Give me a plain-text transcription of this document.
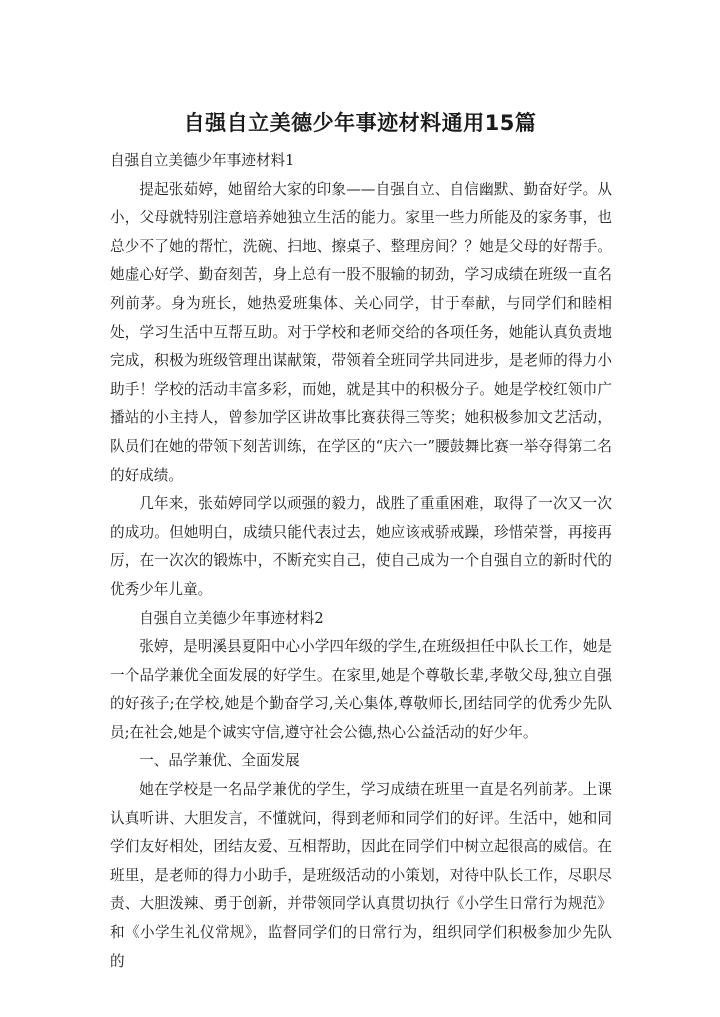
自强自立美德少年事迹材料通用15篇

自强自立美德少年事迹材料1

提起张茹婷，她留给大家的印象——自强自立、自信幽默、勤奋好学。从小，父母就特别注意培养她独立生活的能力。家里一些力所能及的家务事，也总少不了她的帮忙，洗碗、扫地、擦桌子、整理房间？？她是父母的好帮手。她虚心好学、勤奋刻苦，身上总有一股不服输的韧劲，学习成绩在班级一直名列前茅。身为班长，她热爱班集体、关心同学，甘于奉献，与同学们和睦相处，学习生活中互帮互助。对于学校和老师交给的各项任务，她能认真负责地完成，积极为班级管理出谋献策，带领着全班同学共同进步，是老师的得力小助手！学校的活动丰富多彩，而她，就是其中的积极分子。她是学校红领巾广播站的小主持人，曾参加学区讲故事比赛获得三等奖；她积极参加文艺活动，队员们在她的带领下刻苦训练，在学区的“庆六一”腰鼓舞比赛一举夺得第二名的好成绩。

几年来，张茹婷同学以顽强的毅力，战胜了重重困难，取得了一次又一次的成功。但她明白，成绩只能代表过去，她应该戒骄戒躁，珍惜荣誉，再接再厉，在一次次的锻炼中，不断充实自己，使自己成为一个自强自立的新时代的优秀少年儿童。

自强自立美德少年事迹材料2

张婷，是明溪县夏阳中心小学四年级的学生,在班级担任中队长工作，她是一个品学兼优全面发展的好学生。在家里,她是个尊敬长辈,孝敬父母,独立自强的好孩子;在学校,她是个勤奋学习,关心集体,尊敬师长,团结同学的优秀少先队员;在社会,她是个诚实守信,遵守社会公德,热心公益活动的好少年。

一、品学兼优、全面发展

她在学校是一名品学兼优的学生，学习成绩在班里一直是名列前茅。上课认真听讲、大胆发言，不懂就问，得到老师和同学们的好评。生活中，她和同学们友好相处，团结友爱、互相帮助，因此在同学们中树立起很高的威信。在班里，是老师的得力小助手，是班级活动的小策划，对待中队长工作，尽职尽责、大胆泼辣、勇于创新，并带领同学认真贯切执行《小学生日常行为规范》和《小学生礼仪常规》，监督同学们的日常行为，组织同学们积极参加少先队的
